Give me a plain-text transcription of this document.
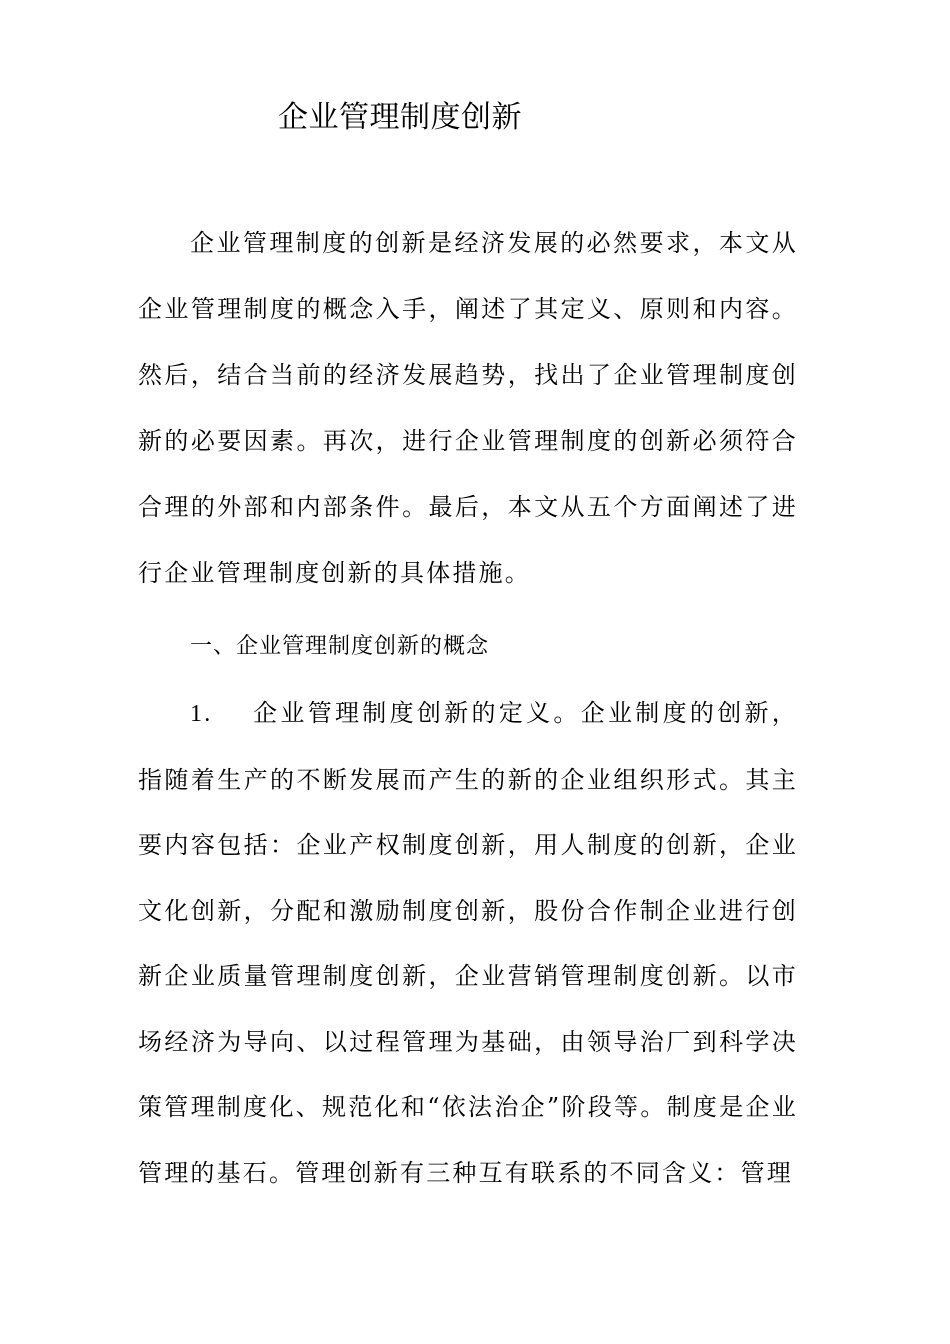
企业管理制度创新

企业管理制度的创新是经济发展的必然要求，本文从企业管理制度的概念入手，阐述了其定义、原则和内容。然后，结合当前的经济发展趋势，找出了企业管理制度创新的必要因素。再次，进行企业管理制度的创新必须符合合理的外部和内部条件。最后，本文从五个方面阐述了进行企业管理制度创新的具体措施。

一、企业管理制度创新的概念

1. 企业管理制度创新的定义。企业制度的创新，指随着生产的不断发展而产生的新的企业组织形式。其主要内容包括：企业产权制度创新，用人制度的创新，企业文化创新，分配和激励制度创新，股份合作制企业进行创新企业质量管理制度创新，企业营销管理制度创新。以市场经济为导向、以过程管理为基础，由领导治厂到科学决策管理制度化、规范化和“依法治企”阶段等。制度是企业管理的基石。管理创新有三种互有联系的不同含义：管理
